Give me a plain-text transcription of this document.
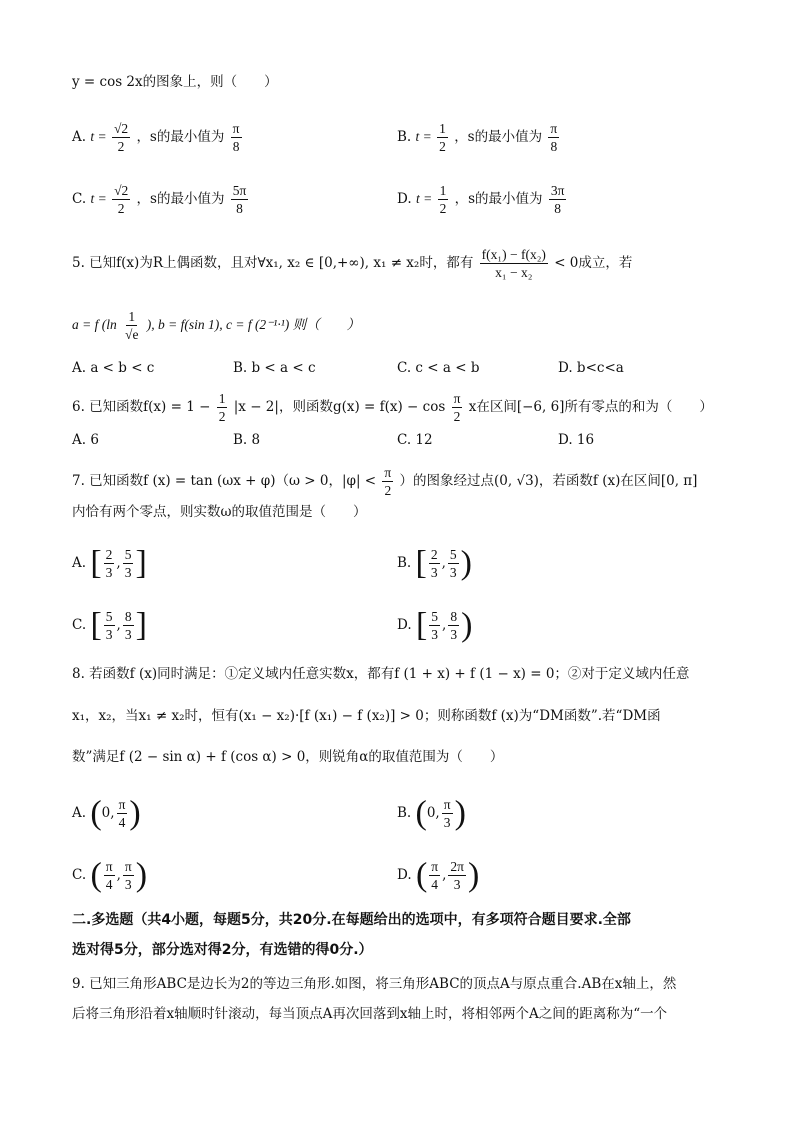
y = cos 2x的图象上，则（　　）
A. $t = \frac{√2}{2}$ ，s的最小值为 $\frac{\pi}{8}$	B. $t = \frac{1}{2}$ ，s的最小值为 $\frac{\pi}{8}$
C. $t = \frac{√2}{2}$ ，s的最小值为 $\frac{5\pi}{8}$	D. $t = \frac{1}{2}$ ，s的最小值为 $\frac{3\pi}{8}$
5. 已知f(x)为R上偶函数，且对∀x₁, x₂ ∈ [0,+∞), x₁ ≠ x₂时，都有 $\frac{\text{f(x₁) − f(x₂)}}{\text{x₁ − x₂}} < 0$成立，若
a = f ($\ln \frac{1}{√e}$ ), b = f(sin 1), c = f (2⁻¹·¹) 则（　　）
A. a < b < c	B. b < a < c	C. c < a < b	D. b<c<a
6. 已知函数$f(x) = 1 - \frac{1}{2} |x - 2|$，则函数$g(x) = f(x) - \cos \frac{\pi}{2}$ x在区间[−6, 6]所有零点的和为（　　）
A. 6	B. 8	C. 12	D. 16
7. 已知函数f (x) = tan (ωx + φ)（ω > 0，$|\varphi| < \frac{\pi}{2}$ ）的图象经过点(0, √3)，若函数f (x)在区间[0, π]
内恰有两个零点，则实数ω的取值范围是（　　）
A. [ $\frac{2}{3}$ , $\frac{5}{3}$ ]	B. [ $\frac{2}{3}$ , $\frac{5}{3}$ )
C. [ $\frac{5}{3}$ , $\frac{8}{3}$ ]	D. [ $\frac{5}{3}$ , $\frac{8}{3}$ )
8. 若函数f (x)同时满足：①定义域内任意实数x，都有f (1 + x) + f (1 − x) = 0；②对于定义域内任意
x₁，x₂，当x₁ ≠ x₂时，恒有(x₁ − x₂)·[f (x₁) − f (x₂)] > 0；则称函数f (x)为“DM函数”.若“DM函
数”满足f (2 − sin α) + f (cos α) > 0，则锐角α的取值范围为（　　）
A. (0, $\frac{\pi}{4}$ )	B. (0, $\frac{\pi}{3}$ )
C. ( $\frac{\pi}{4}$ , $\frac{\pi}{3}$ )	D. ( $\frac{\pi}{4}$ , $\frac{2\pi}{3}$ )
二.多选题（共4小题，每题5分，共20分.在每题给出的选项中，有多项符合题目要求.全部
选对得5分，部分选对得2分，有选错的得0分.）
9. 已知三角形ABC是边长为2的等边三角形.如图，将三角形ABC的顶点A与原点重合.AB在x轴上，然
后将三角形沿着x轴顺时针滚动，每当顶点A再次回落到x轴上时，将相邻两个A之间的距离称为“一个
